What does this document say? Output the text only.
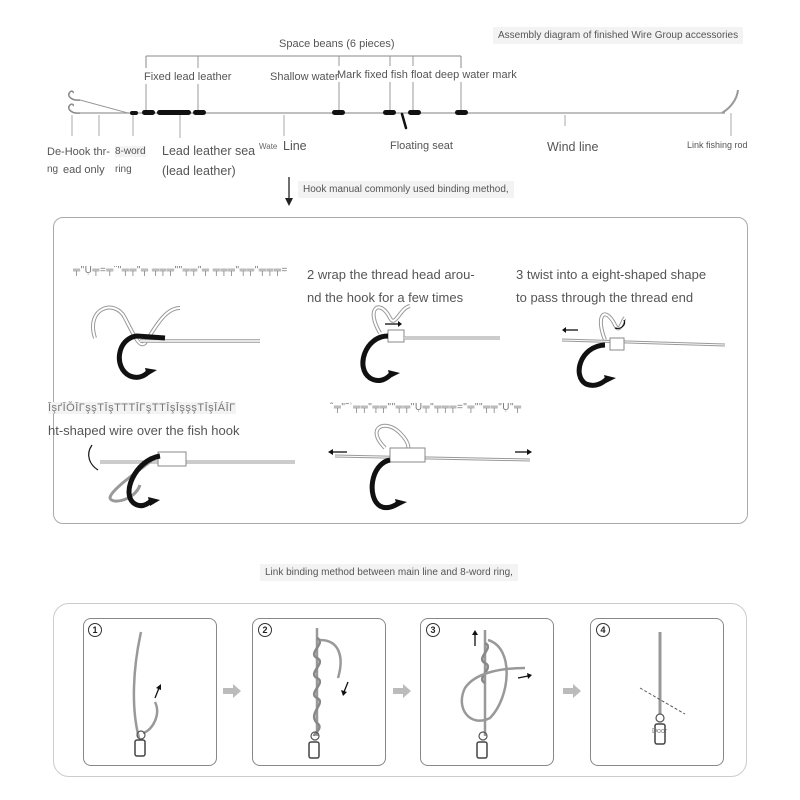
Assembly diagram of finished Wire Group accessories
Space beans (6 pieces)
Fixed lead leather	Shallow water
Mark fixed fish float deep water mark
De-Hook thr-
ng ead only
8-word
ring
Lead leather sea
(lead leather)
Wate Line	Floating seat	Wind line	Link fishing rod
Hook manual commonly used binding method,
╤"Ụ╤=╤¨"╤╤"╤ ╤╤╤""╤╤"╤ ╤╤╤"╤╤"╤╤╤= 2 wrap the thread head arou-
nd the hook for a few times
3 twist into a eight-shaped shape
to pass through the thread end
ĪşґĪŎĪΓşşΤĪşΤΤΤĪΓşΤΤĪşĪşşşΤĪşĪÁĪΓ
ht-shaped wire over the fish hook
ˆ╤"˜ʾ╤╤"╤╤""╤╤"Ụ╤"╤╤╤="╤""╤╤"Ụ"╤
Link binding method between main line and 8-word ring,
1	2	3	4
Door
